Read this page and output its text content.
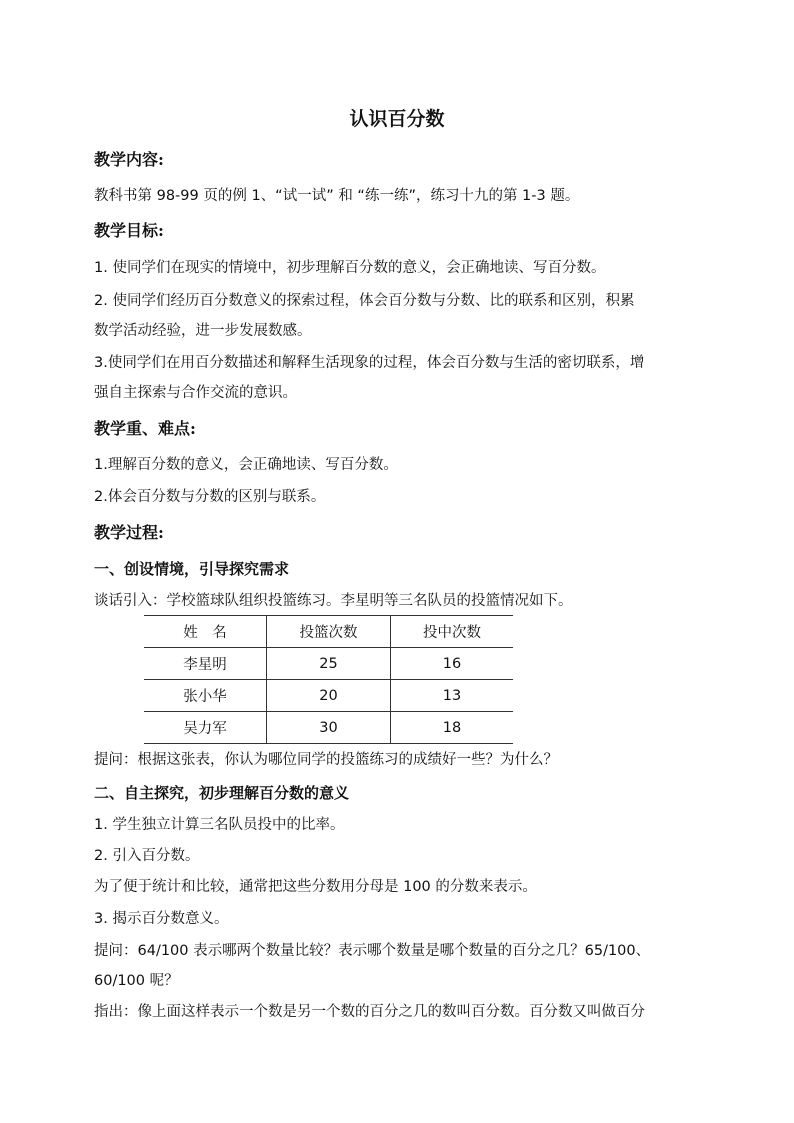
认识百分数
教学内容:
教科书第 98-99 页的例 1、“试一试” 和 “练一练”，练习十九的第 1-3 题。
教学目标:
1. 使同学们在现实的情境中，初步理解百分数的意义，会正确地读、写百分数。
2. 使同学们经历百分数意义的探索过程，体会百分数与分数、比的联系和区别，积累
数学活动经验，进一步发展数感。
3.使同学们在用百分数描述和解释生活现象的过程，体会百分数与生活的密切联系，增
强自主探索与合作交流的意识。
教学重、难点:
1.理解百分数的意义，会正确地读、写百分数。
2.体会百分数与分数的区别与联系。
教学过程:
一、创设情境，引导探究需求
谈话引入：学校篮球队组织投篮练习。李星明等三名队员的投篮情况如下。
姓　名	投篮次数	投中次数
李星明	25	16
张小华	20	13
吴力军	30	18
提问：根据这张表，你认为哪位同学的投篮练习的成绩好一些？为什么？
二、自主探究，初步理解百分数的意义
1. 学生独立计算三名队员投中的比率。
2. 引入百分数。
为了便于统计和比较，通常把这些分数用分母是 100 的分数来表示。
3. 揭示百分数意义。
提问：64/100 表示哪两个数量比较？表示哪个数量是哪个数量的百分之几？65/100、
60/100 呢？
指出：像上面这样表示一个数是另一个数的百分之几的数叫百分数。百分数又叫做百分
